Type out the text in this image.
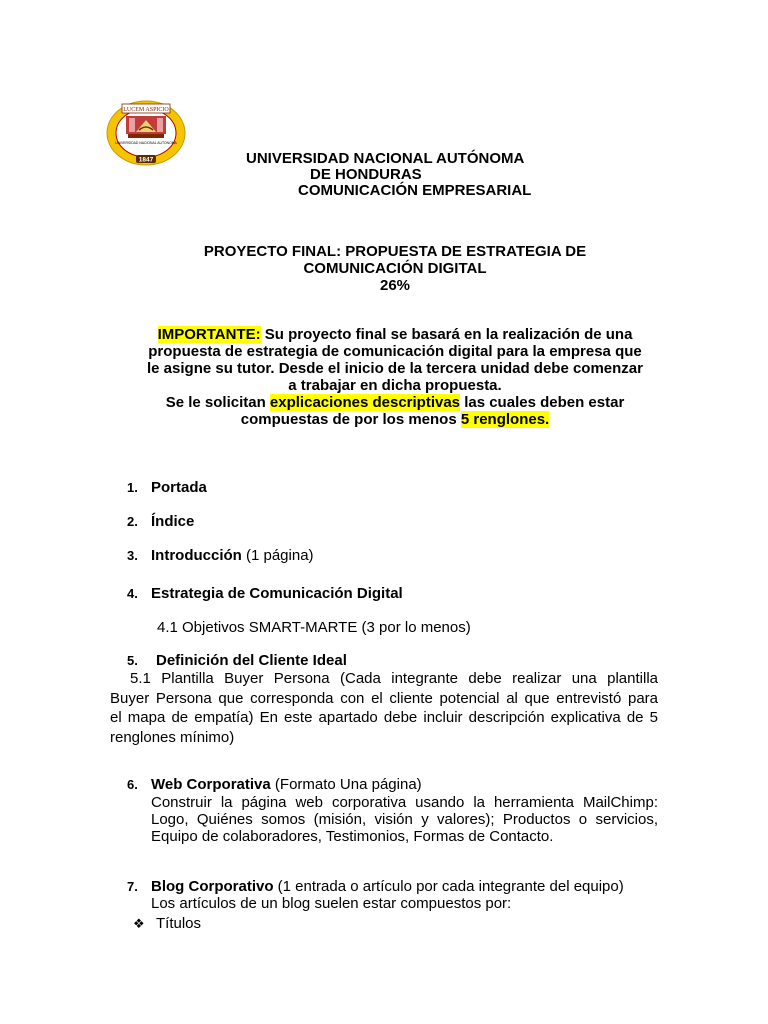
LUCEM ASPICIO
UNIVERSIDAD NACIONAL AUTONOMA
1847	UNIVERSIDAD NACIONAL AUTÓNOMA
DE HONDURAS
COMUNICACIÓN EMPRESARIAL
PROYECTO FINAL: PROPUESTA DE ESTRATEGIA DE
COMUNICACIÓN DIGITAL
26%
IMPORTANTE: Su proyecto final se basará en la realización de una
propuesta de estrategia de comunicación digital para la empresa que
le asigne su tutor. Desde el inicio de la tercera unidad debe comenzar
a trabajar en dicha propuesta.
Se le solicitan explicaciones descriptivas las cuales deben estar
compuestas de por los menos 5 renglones.
1. Portada
2. Índice
3. Introducción (1 página)
4. Estrategia de Comunicación Digital
4.1 Objetivos SMART-MARTE (3 por lo menos)
5. Definición del Cliente Ideal
5.1 Plantilla Buyer Persona (Cada integrante debe realizar una plantilla
Buyer Persona que corresponda con el cliente potencial al que entrevistó para
el mapa de empatía) En este apartado debe incluir descripción explicativa de 5
renglones mínimo)
6. Web Corporativa (Formato Una página)
Construir la página web corporativa usando la herramienta MailChimp:
Logo, Quiénes somos (misión, visión y valores); Productos o servicios,
Equipo de colaboradores, Testimonios, Formas de Contacto.
7. Blog Corporativo (1 entrada o artículo por cada integrante del equipo)
Los artículos de un blog suelen estar compuestos por:
❖ Títulos
